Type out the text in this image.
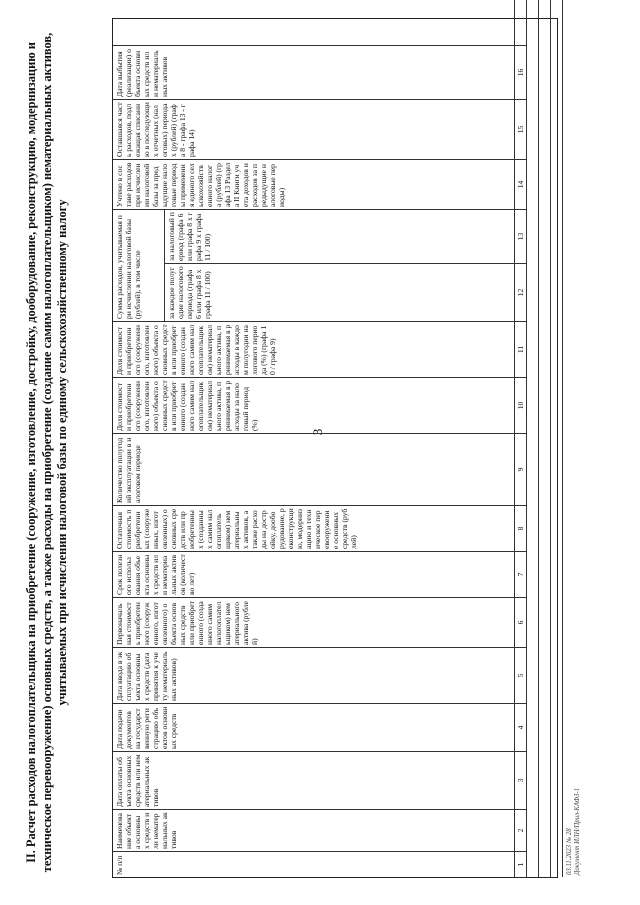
3
II. Расчет расходов налогоплательщика на приобретение (сооружение, изготовление, достройку, дооборудование, реконструкцию, модернизацию и техническое перевооружение) основных средств, а также расходы на приобретение (создание самим налогоплательщиком) нематериальных активов, учитываемых при исчислении налоговой базы по единому сельскохозяйственному налогу
№ п/п
Наименование объекта основных средств или нематериальных активов
Дата оплаты объекта основных средств или нематериальных активов
Дата подачи документов на государственную регистрацию объектов основных средств
Дата ввода в эксплуатацию объекта основных средств (дата принятия к учету нематериальных активов)
Первоначальная стоимость приобретенного (сооруженного, изготовленного) объекта основных средств или приобретенного (созданного самим налогоплательщиком) нематериального актива (рублей)
Срок полезного использования объекта основных средств или нематериальных активов (количество лет)
Остаточная стоимость приобретенных (сооруженных, изготовленных) основных средств или приобретенных (созданных самим налогоплательщиком) нематериальных активов, а также расходы на достройку, дооборудование, реконструкцию, модернизацию и техническое перевооружение основных средств (рублей)
Количество полугодий эксплуатации в налоговом периоде
Доля стоимости приобретенного (сооруженного, изготовленного) объекта основных средств или приобретенного (созданного самим налогоплательщиком) нематериального актива, принимаемая в расходы за налоговый период (%)
Доля стоимости приобретенного (сооруженного, изготовленного) объекта основных средств или приобретенного (созданного самим налогоплательщиком) нематериального актива, принимаемая в расходы в каждом полугодии налогового периода (%) (графа 10 / графа 9)
Сумма расходов, учитываемая при исчислении налоговой базы (рублей), в том числе	за каждое полугодие налогового периода (графа 6 или графа 8 x графа 11 / 100)
за налоговый период (графа 6 или графа 8 x графа 9 x графа 11 / 100)
Учтено в составе расходов при исчислении налоговой базы за предыдущие налоговые периоды применения единого сельскохозяйственного налога (рублей) (графа 13 Раздела II Книги учета доходов и расходов за предыдущие налоговые периоды)
Оставшаяся часть расходов, подлежащая списанию в последующих отчетных (налоговых) периодах (рублей) (графа 8 - графа 13 - графа 14)
Дата выбытия (реализации) объекта основных средств или нематериальных активов
1
2
3
4
5
6
7
8
9
10
11
12
13
14
15
16
03.11.2023 № 28 Документ ИЛН/Прил-КАФ3-1
